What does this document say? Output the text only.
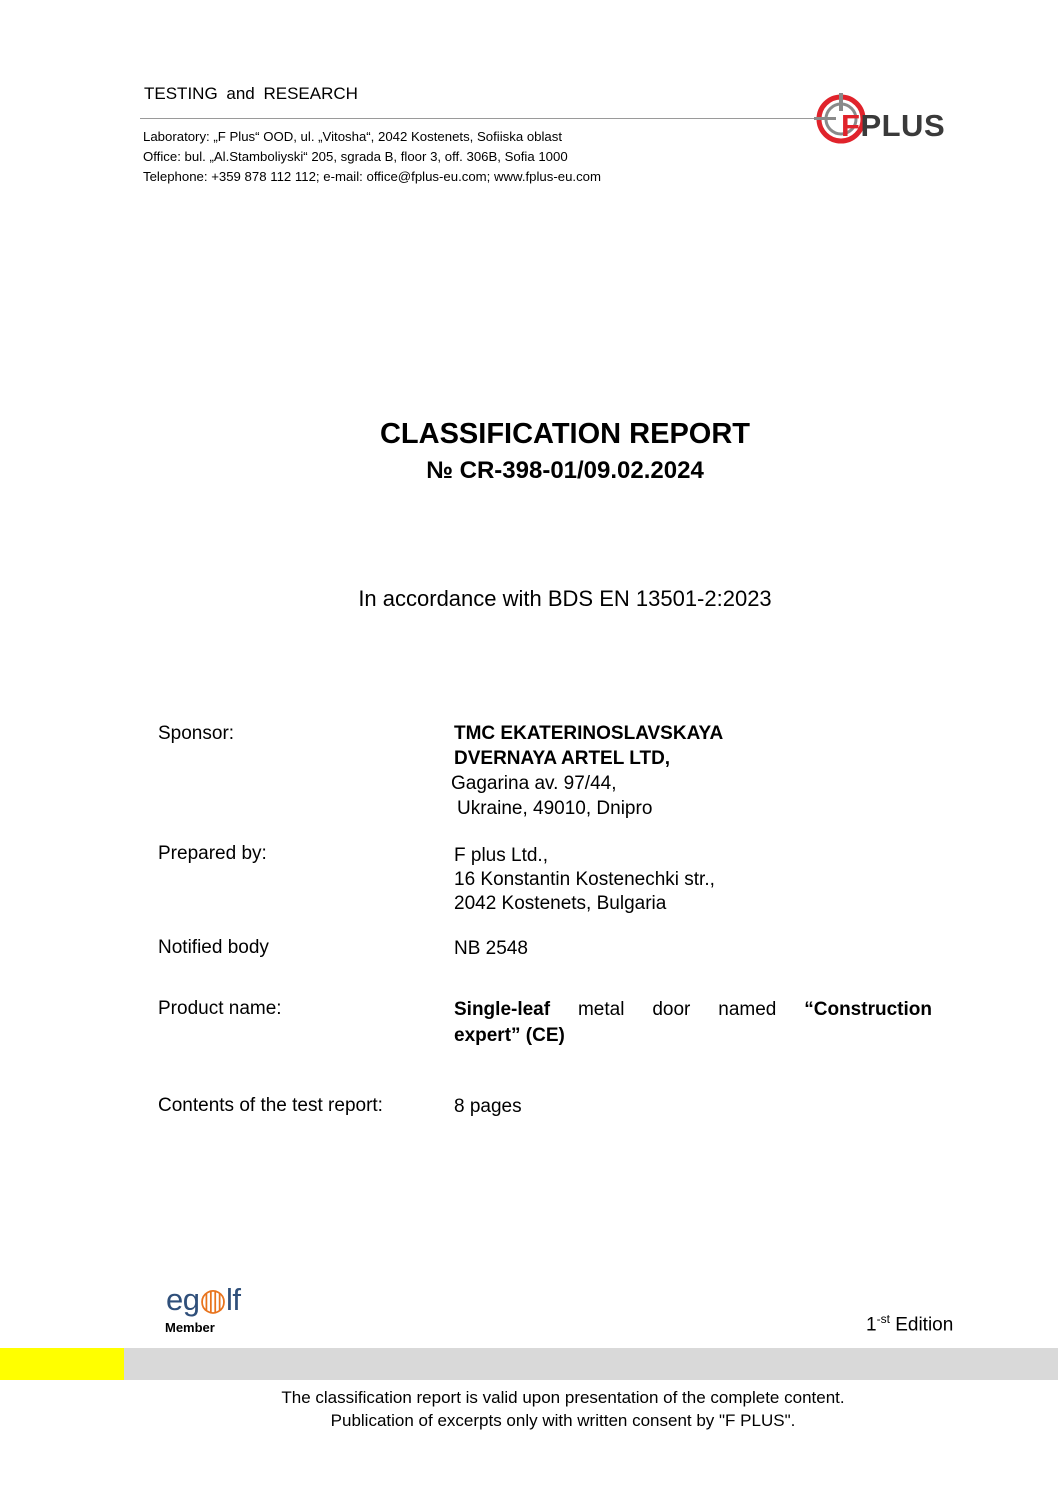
TESTING and RESEARCH
Laboratory: „F Plus“ OOD, ul. „Vitosha“, 2042 Kostenets, Sofiiska oblast
Office: bul. „Al.Stamboliyski“ 205, sgrada B, floor 3, off. 306B, Sofia 1000
Telephone: +359 878 112 112; e-mail: office@fplus-eu.com; www.fplus-eu.com
FPLUS
CLASSIFICATION REPORT
№ CR-398-01/09.02.2024
In accordance with BDS EN 13501-2:2023
Sponsor:	TMC EKATERINOSLAVSKAYA
DVERNAYA ARTEL LTD,
Gagarina av. 97/44,
Ukraine, 49010, Dnipro
Prepared by:	F plus Ltd.,
16 Konstantin Kostenechki str.,
2042 Kostenets, Bulgaria
Notified body	NB 2548
Product name:	Single-leaf metal door named “Construction
expert” (CE)
Contents of the test report:	8 pages
eg◍lf
Member	$1^{-st}$ Edition
The classification report is valid upon presentation of the complete content.
Publication of excerpts only with written consent by "F PLUS".
